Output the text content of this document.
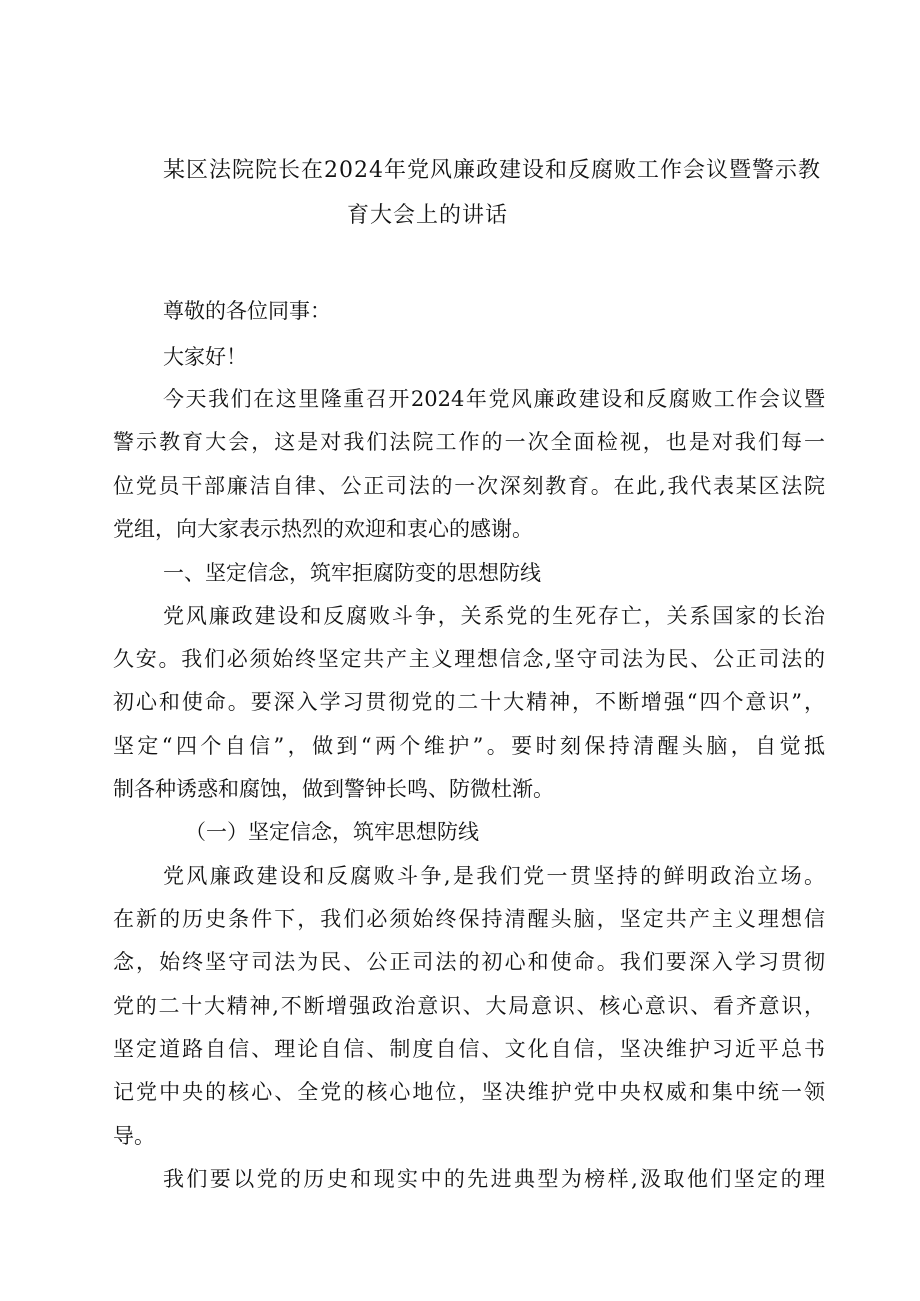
某区法院院长在2024年党风廉政建设和反腐败工作会议暨警示教
育大会上的讲话
尊敬的各位同事：
大家好！
今天我们在这里隆重召开2024年党风廉政建设和反腐败工作会议暨
警示教育大会，这是对我们法院工作的一次全面检视，也是对我们每一
位党员干部廉洁自律、公正司法的一次深刻教育。在此,我代表某区法院
党组，向大家表示热烈的欢迎和衷心的感谢。
一、坚定信念，筑牢拒腐防变的思想防线
党风廉政建设和反腐败斗争，关系党的生死存亡，关系国家的长治
久安。我们必须始终坚定共产主义理想信念,坚守司法为民、公正司法的
初心和使命。要深入学习贯彻党的二十大精神，不断增强“四个意识”，
坚定“四个自信”，做到“两个维护”。要时刻保持清醒头脑，自觉抵
制各种诱惑和腐蚀，做到警钟长鸣、防微杜渐。
（一）坚定信念，筑牢思想防线
党风廉政建设和反腐败斗争,是我们党一贯坚持的鲜明政治立场。
在新的历史条件下，我们必须始终保持清醒头脑，坚定共产主义理想信
念，始终坚守司法为民、公正司法的初心和使命。我们要深入学习贯彻
党的二十大精神,不断增强政治意识、大局意识、核心意识、看齐意识，
坚定道路自信、理论自信、制度自信、文化自信，坚决维护习近平总书
记党中央的核心、全党的核心地位，坚决维护党中央权威和集中统一领
导。
我们要以党的历史和现实中的先进典型为榜样,汲取他们坚定的理
